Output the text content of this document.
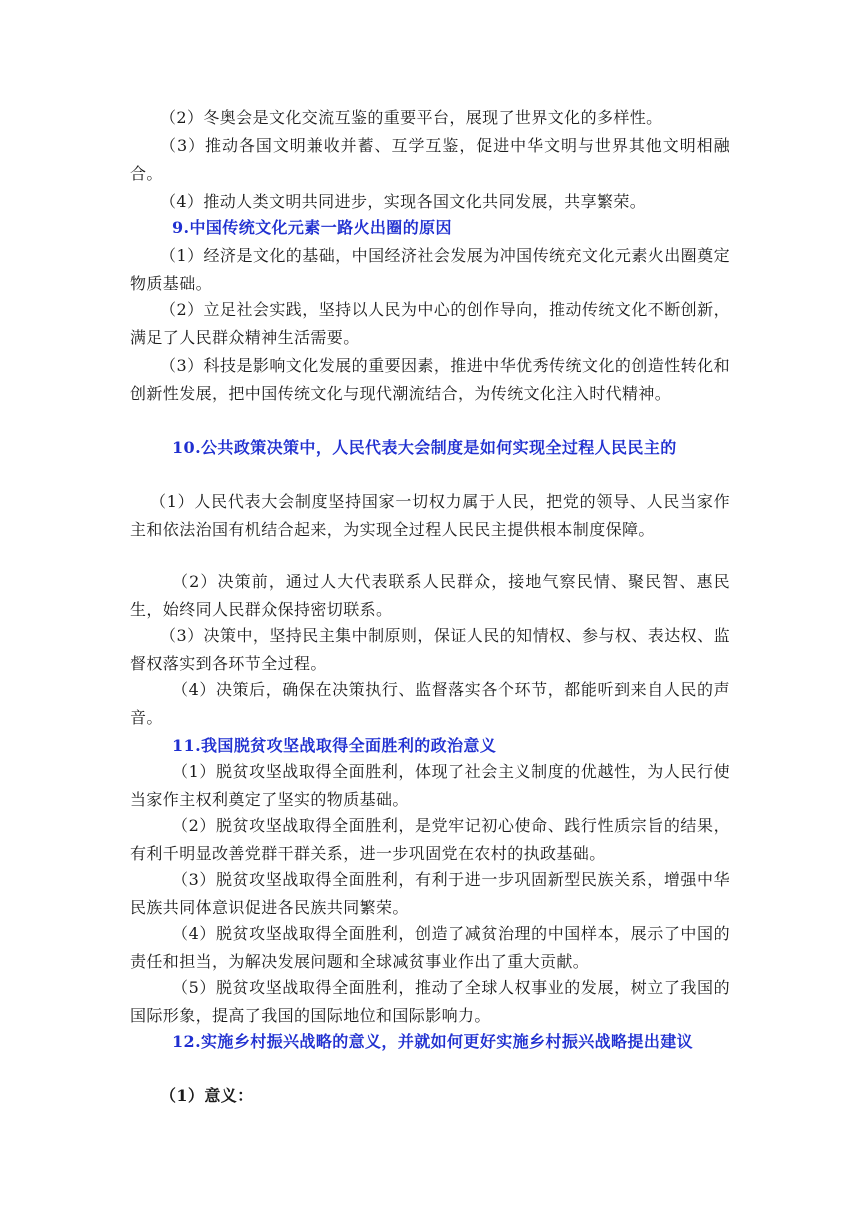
（2）冬奥会是文化交流互鉴的重要平台，展现了世界文化的多样性。
（3）推动各国文明兼收并蓄、互学互鉴，促进中华文明与世界其他文明相融合。
（4）推动人类文明共同进步，实现各国文化共同发展，共享繁荣。
9.中国传统文化元素一路火出圈的原因
（1）经济是文化的基础，中国经济社会发展为冲国传统充文化元素火出圈奠定物质基础。
（2）立足社会实践，坚持以人民为中心的创作导向，推动传统文化不断创新，满足了人民群众精神生活需要。
（3）科技是影响文化发展的重要因素，推进中华优秀传统文化的创造性转化和创新性发展，把中国传统文化与现代潮流结合，为传统文化注入时代精神。
10.公共政策决策中，人民代表大会制度是如何实现全过程人民民主的
（1）人民代表大会制度坚持国家一切权力属于人民，把党的领导、人民当家作主和依法治国有机结合起来，为实现全过程人民民主提供根本制度保障。
（2）决策前，通过人大代表联系人民群众，接地气察民情、聚民智、惠民生，始终同人民群众保持密切联系。
（3）决策中，坚持民主集中制原则，保证人民的知情权、参与权、表达权、监督权落实到各环节全过程。
（4）决策后，确保在决策执行、监督落实各个环节，都能听到来自人民的声音。
11.我国脱贫攻坚战取得全面胜利的政治意义
（1）脱贫攻坚战取得全面胜利，体现了社会主义制度的优越性，为人民行使当家作主权利奠定了坚实的物质基础。
（2）脱贫攻坚战取得全面胜利，是党牢记初心使命、践行性质宗旨的结果，有利千明显改善党群干群关系，进一步巩固党在农村的执政基础。
（3）脱贫攻坚战取得全面胜利，有利于进一步巩固新型民族关系，增强中华民族共同体意识促进各民族共同繁荣。
（4）脱贫攻坚战取得全面胜利，创造了减贫治理的中国样本，展示了中国的责任和担当，为解决发展问题和全球减贫事业作出了重大贡献。
（5）脱贫攻坚战取得全面胜利，推动了全球人权事业的发展，树立了我国的国际形象，提高了我国的国际地位和国际影响力。
12.实施乡村振兴战略的意义，并就如何更好实施乡村振兴战略提出建议
（1）意义：
